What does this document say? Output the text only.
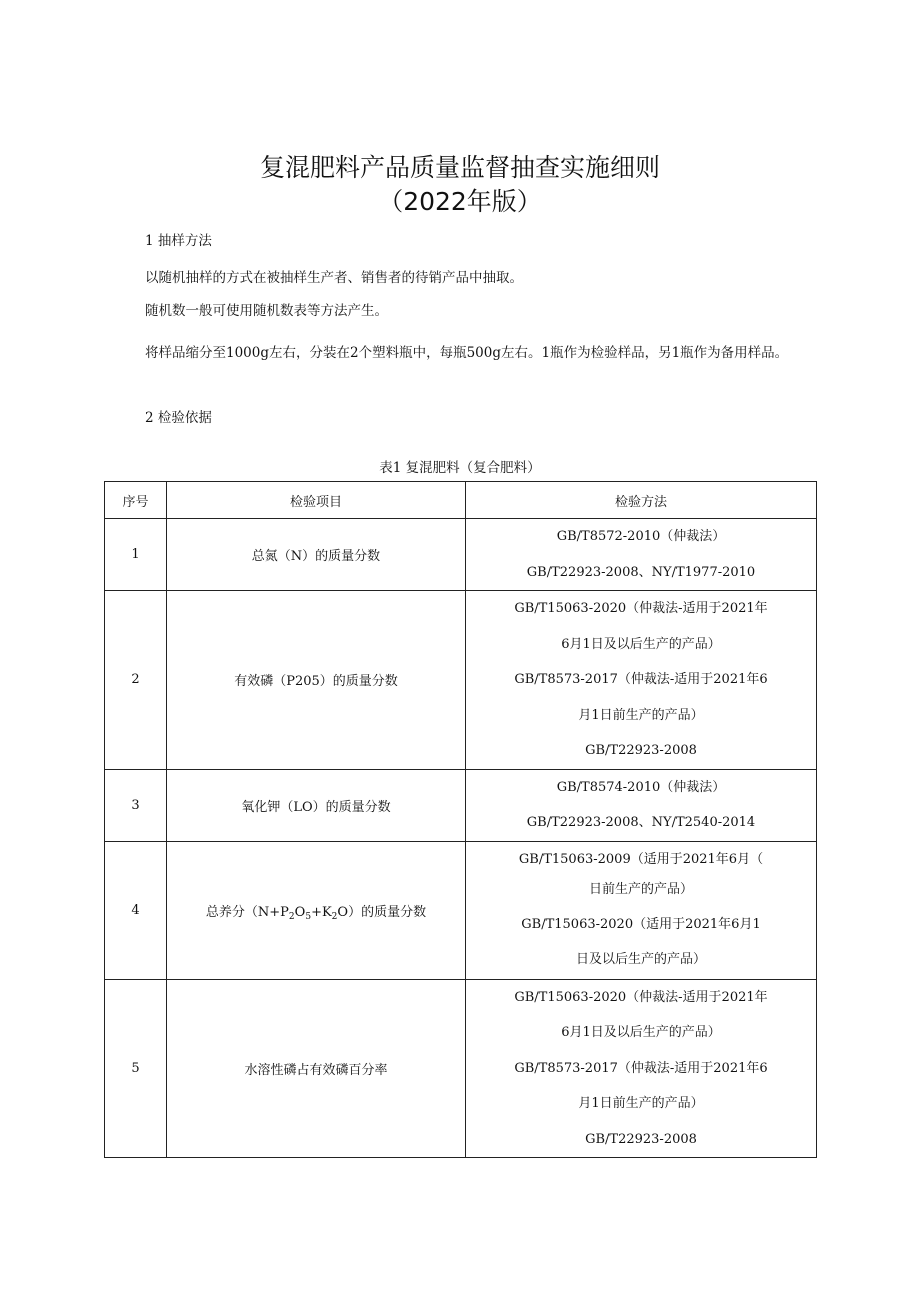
复混肥料产品质量监督抽查实施细则
（2022年版）
1 抽样方法
以随机抽样的方式在被抽样生产者、销售者的待销产品中抽取。
随机数一般可使用随机数表等方法产生。
将样品缩分至1000g左右，分装在2个塑料瓶中，每瓶500g左右。1瓶作为检验样品，另1瓶作为备用样品。
2 检验依据
表1 复混肥料（复合肥料）
序号	检验项目	检验方法
1	总氮（N）的质量分数	GB/T8572-2010（仲裁法）
GB/T22923-2008、NY/T1977-2010

2	有效磷（P205）的质量分数	GB/T15063-2020（仲裁法-适用于2021年
6月1日及以后生产的产品）
GB/T8573-2017（仲裁法-适用于2021年6
月1日前生产的产品）
GB/T22923-2008

3	氧化钾（LO）的质量分数	GB/T8574-2010（仲裁法）
GB/T22923-2008、NY/T2540-2014

4	总养分$(N+P_2O_5+K_2O)$的质量分数	GB/T15063-2009（适用于2021年6月（
日前生产的产品）
GB/T15063-2020（适用于2021年6月1
日及以后生产的产品）

5	水溶性磷占有效磷百分率	GB/T15063-2020（仲裁法-适用于2021年
6月1日及以后生产的产品）
GB/T8573-2017（仲裁法-适用于2021年6
月1日前生产的产品）
GB/T22923-2008
